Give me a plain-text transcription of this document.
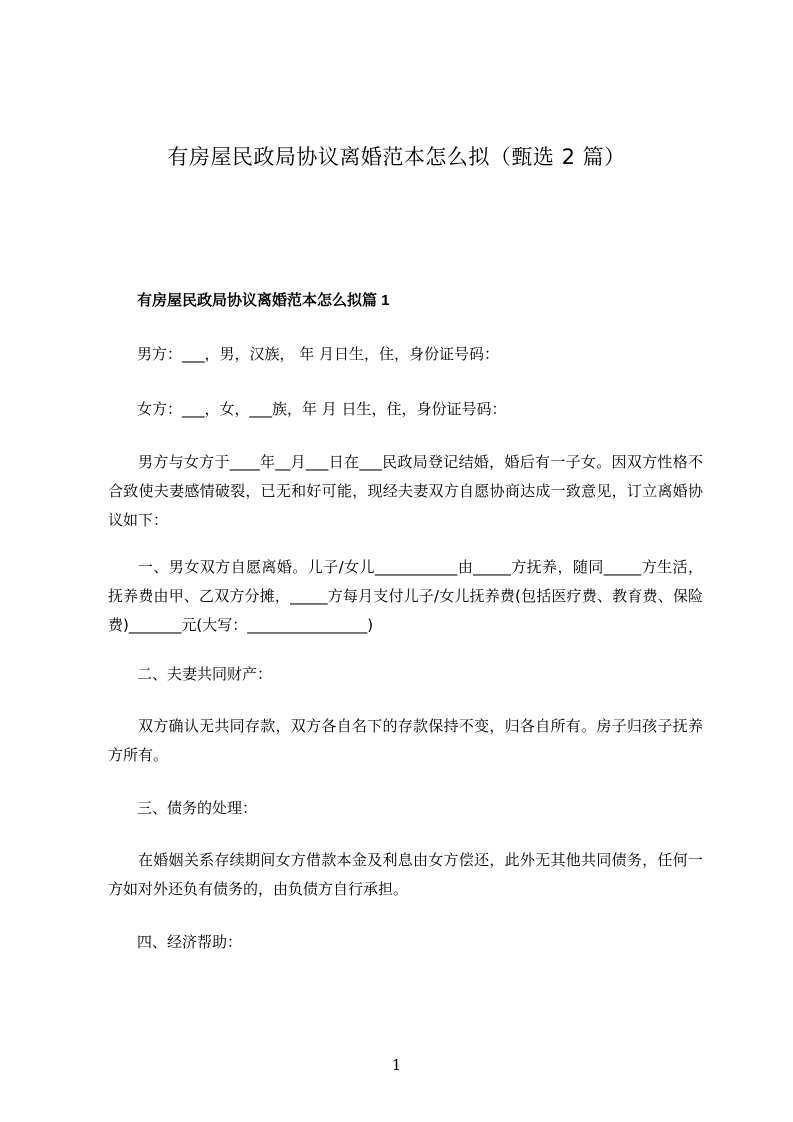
有房屋民政局协议离婚范本怎么拟（甄选 2 篇）
有房屋民政局协议离婚范本怎么拟篇 1

男方：___，男，汉族， 年 月日生，住，身份证号码：

女方：___，女，___族，年 月 日生，住，身份证号码：

男方与女方于____年__月___日在___民政局登记结婚，婚后有一子女。因双方性格不合致使夫妻感情破裂，已无和好可能，现经夫妻双方自愿协商达成一致意见，订立离婚协议如下：

一、男女双方自愿离婚。儿子/女儿___________由_____方抚养，随同_____方生活，抚养费由甲、乙双方分摊，_____方每月支付儿子/女儿抚养费(包括医疗费、教育费、保险费)_______元(大写：________________)

二、夫妻共同财产：

双方确认无共同存款，双方各自名下的存款保持不变，归各自所有。房子归孩子抚养方所有。

三、债务的处理：

在婚姻关系存续期间女方借款本金及利息由女方偿还，此外无其他共同债务，任何一方如对外还负有债务的，由负债方自行承担。

四、经济帮助：

1
